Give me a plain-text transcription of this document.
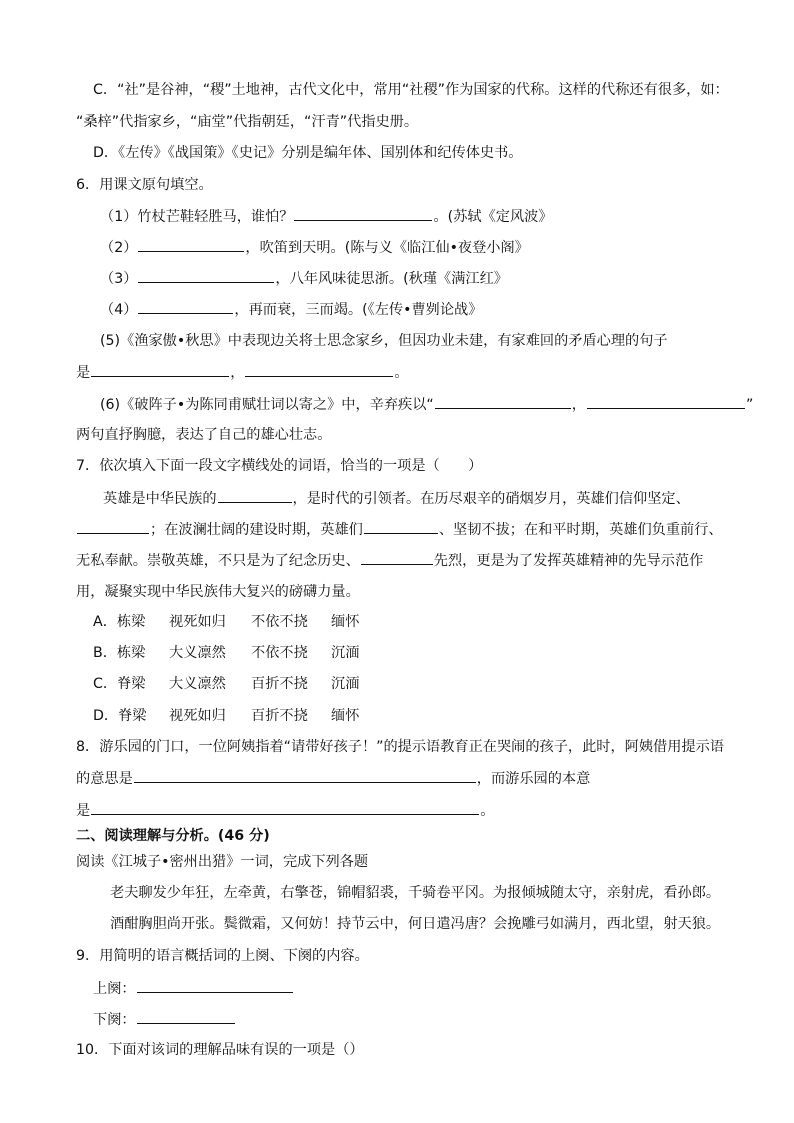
C．“社”是谷神，“稷”土地神，古代文化中，常用“社稷”作为国家的代称。这样的代称还有很多，如：
“桑梓”代指家乡，“庙堂”代指朝廷，“汗青”代指史册。
D．《左传》《战国策》《史记》分别是编年体、国别体和纪传体史书。
6．用课文原句填空。
（1）竹杖芒鞋轻胜马，谁怕？	。(苏轼《定风波》
（2）	，吹笛到天明。(陈与义《临江仙•夜登小阁》
（3）	，八年风味徒思浙。(秋瑾《满江红》
（4）	，再而衰，三而竭。(《左传•曹刿论战》
(5)《渔家傲•秋思》中表现边关将士思念家乡，但因功业未建，有家难回的矛盾心理的句子
是	，	。
(6)《破阵子•为陈同甫赋壮词以寄之》中，辛弃疾以“	，	”
两句直抒胸臆，表达了自己的雄心壮志。
7．依次填入下面一段文字横线处的词语，恰当的一项是（　　）
英雄是中华民族的	，是时代的引领者。在历尽艰辛的硝烟岁月，英雄们信仰坚定、
；在波澜壮阔的建设时期，英雄们	、坚韧不拔；在和平时期，英雄们负重前行、
无私奉献。崇敬英雄，不只是为了纪念历史、	先烈，更是为了发挥英雄精神的先导示范作
用，凝聚实现中华民族伟大复兴的磅礴力量。
A．栋梁 视死如归 不依不挠 缅怀
B．栋梁 大义凛然 不依不挠 沉湎
C．脊梁 大义凛然 百折不挠 沉湎
D．脊梁 视死如归 百折不挠 缅怀
8．游乐园的门口，一位阿姨指着“请带好孩子！”的提示语教育正在哭闹的孩子，此时，阿姨借用提示语
的意思是	，而游乐园的本意
是	。
二、阅读理解与分析。(46 分)
阅读《江城子•密州出猎》一词，完成下列各题
老夫聊发少年狂，左牵黄，右擎苍，锦帽貂裘，千骑卷平冈。为报倾城随太守，亲射虎，看孙郎。
酒酣胸胆尚开张。鬓微霜，又何妨！持节云中，何日遣冯唐？会挽雕弓如满月，西北望，射天狼。
9．用简明的语言概括词的上阕、下阕的内容。
上阕：
下阕：
10．下面对该词的理解品味有误的一项是（）
